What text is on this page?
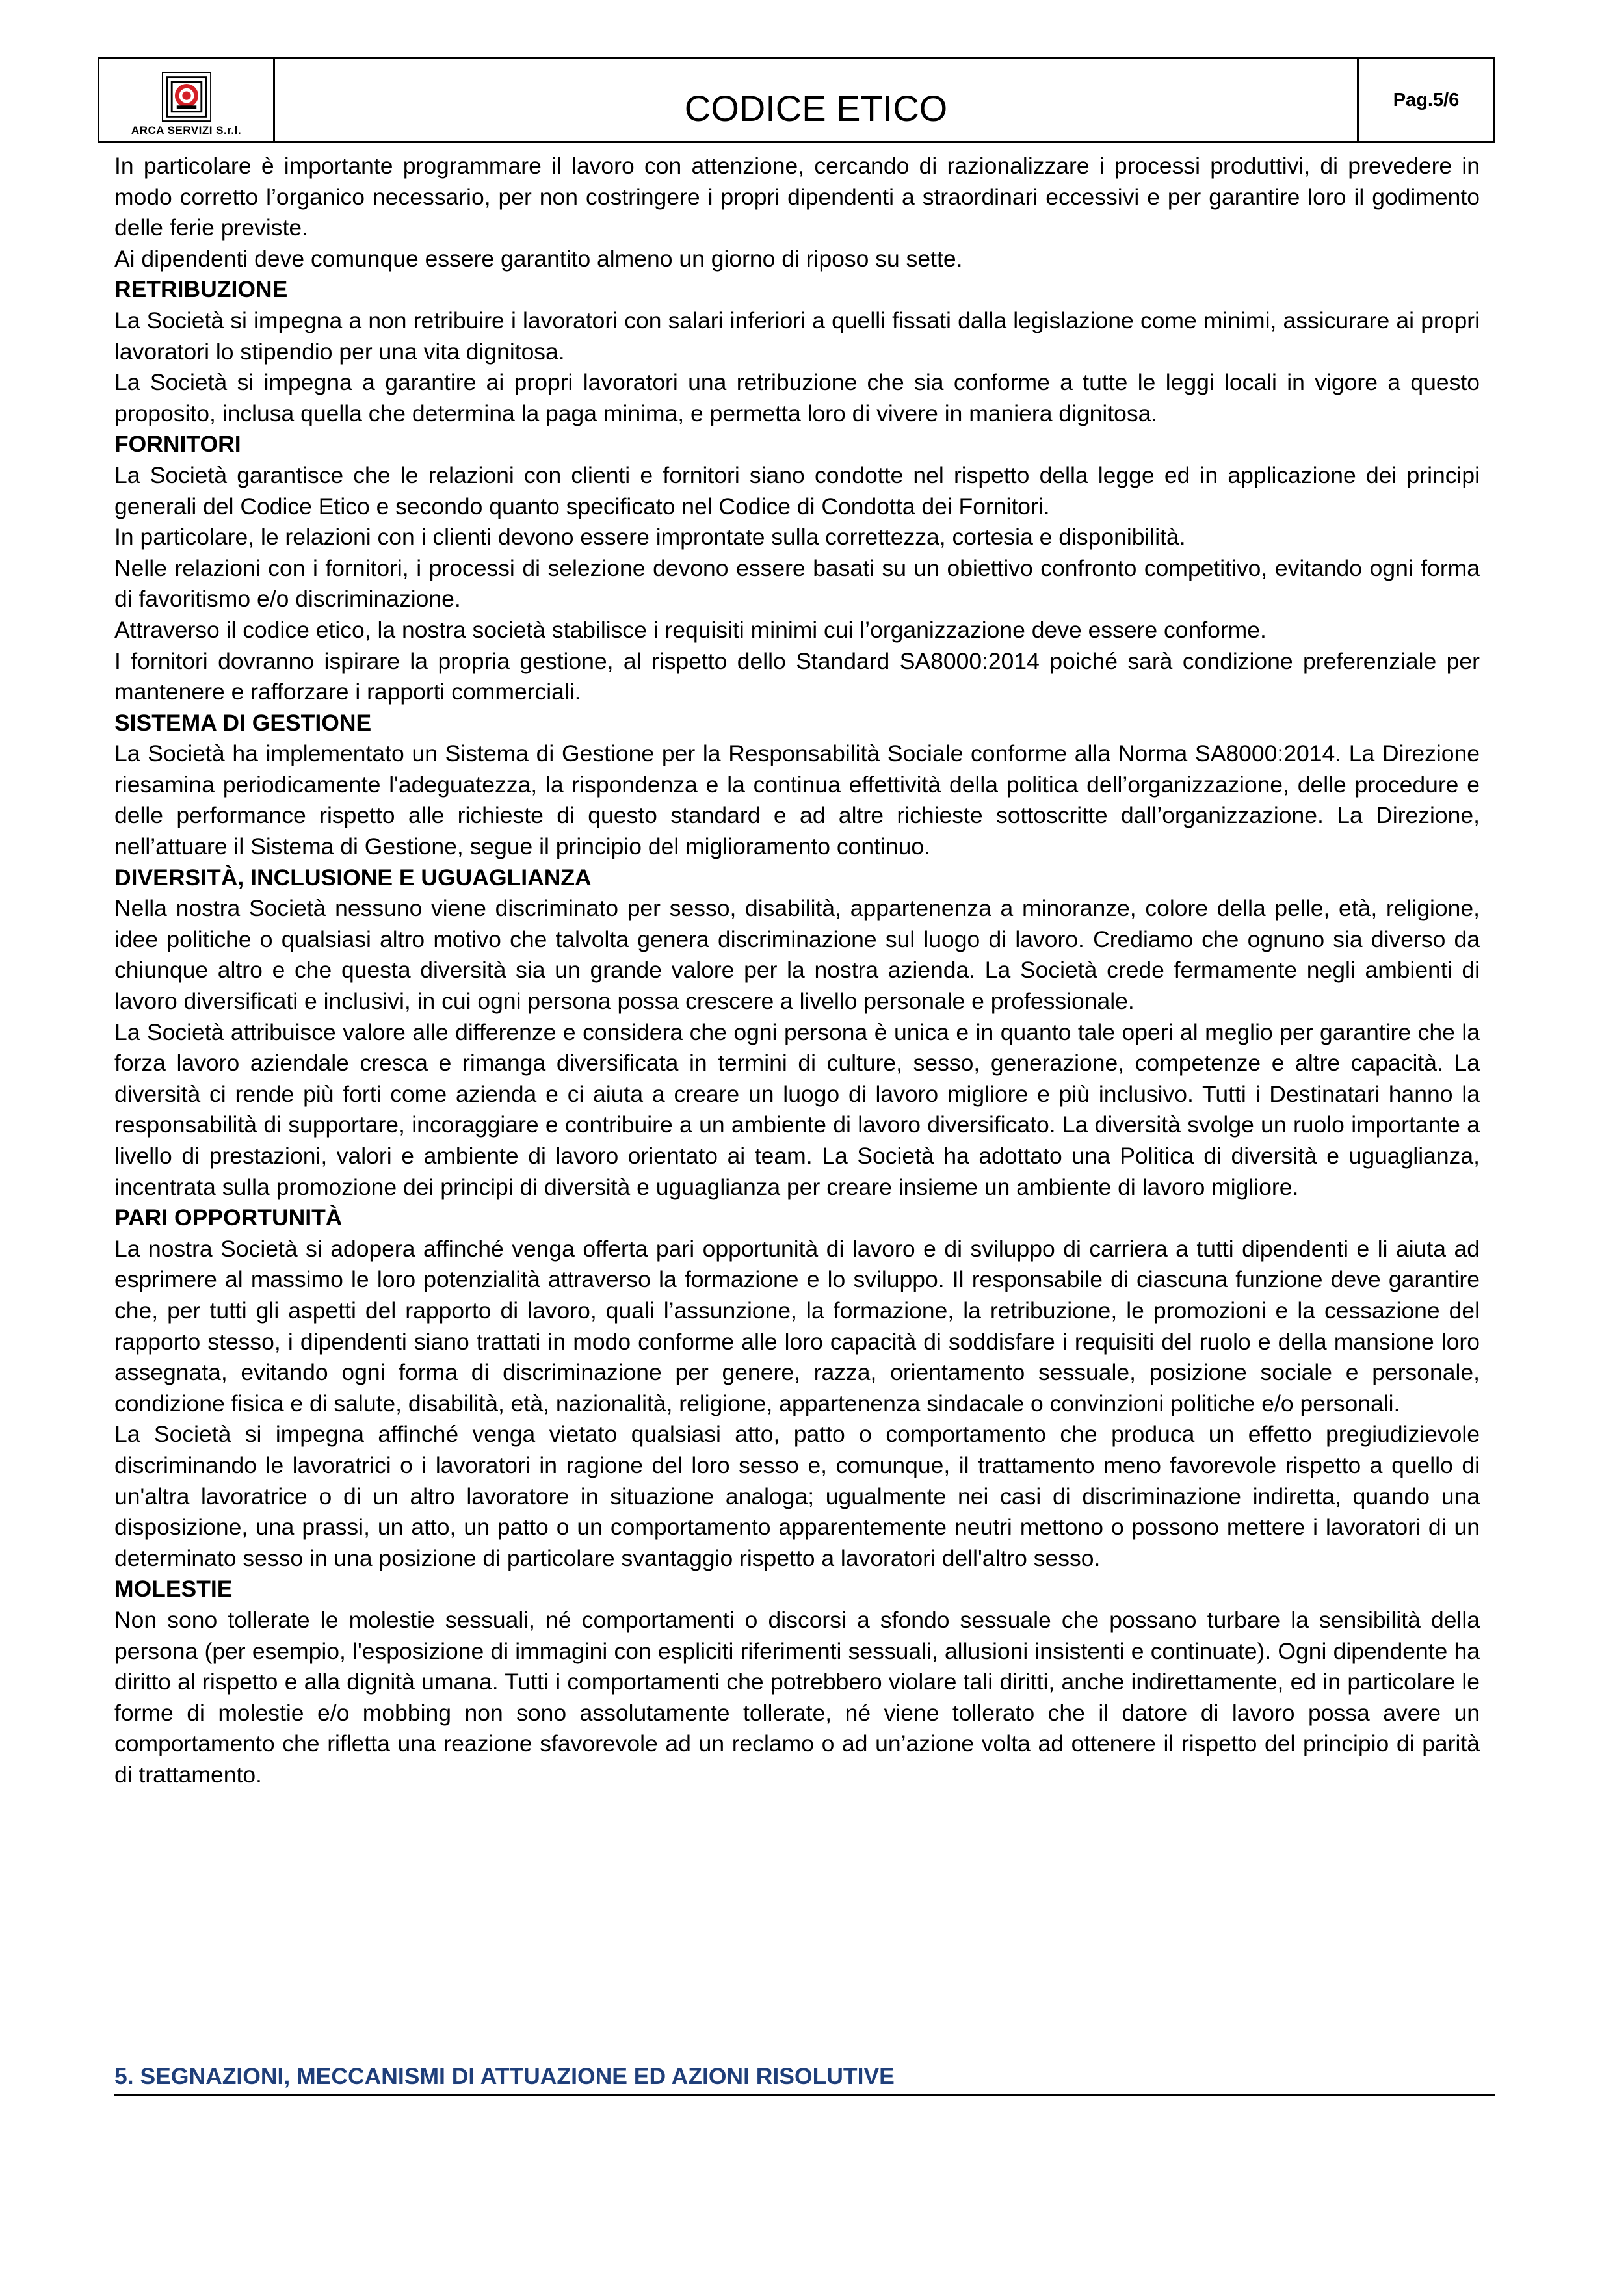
ARCA SERVIZI S.r.l.
CODICE ETICO	Pag.5/6

In particolare è importante programmare il lavoro con attenzione, cercando di razionalizzare i processi produttivi, di prevedere in modo corretto l’organico necessario, per non costringere i propri dipendenti a straordinari eccessivi e per garantire loro il godimento delle ferie previste.

Ai dipendenti deve comunque essere garantito almeno un giorno di riposo su sette.

RETRIBUZIONE

La Società si impegna a non retribuire i lavoratori con salari inferiori a quelli fissati dalla legislazione come minimi, assicurare ai propri lavoratori lo stipendio per una vita dignitosa.

La Società si impegna a garantire ai propri lavoratori una retribuzione che sia conforme a tutte le leggi locali in vigore a questo proposito, inclusa quella che determina la paga minima, e permetta loro di vivere in maniera dignitosa.

FORNITORI

La Società garantisce che le relazioni con clienti e fornitori siano condotte nel rispetto della legge ed in applicazione dei principi generali del Codice Etico e secondo quanto specificato nel Codice di Condotta dei Fornitori.

In particolare, le relazioni con i clienti devono essere improntate sulla correttezza, cortesia e disponibilità.

Nelle relazioni con i fornitori, i processi di selezione devono essere basati su un obiettivo confronto competitivo, evitando ogni forma di favoritismo e/o discriminazione.

Attraverso il codice etico, la nostra società stabilisce i requisiti minimi cui l’organizzazione deve essere conforme.

I fornitori dovranno ispirare la propria gestione, al rispetto dello Standard SA8000:2014 poiché sarà condizione preferenziale per mantenere e rafforzare i rapporti commerciali.

SISTEMA DI GESTIONE

La Società ha implementato un Sistema di Gestione per la Responsabilità Sociale conforme alla Norma SA8000:2014. La Direzione riesamina periodicamente l'adeguatezza, la rispondenza e la continua effettività della politica dell’organizzazione, delle procedure e delle performance rispetto alle richieste di questo standard e ad altre richieste sottoscritte dall’organizzazione. La Direzione, nell’attuare il Sistema di Gestione, segue il principio del miglioramento continuo.

DIVERSITÀ, INCLUSIONE E UGUAGLIANZA

Nella nostra Società nessuno viene discriminato per sesso, disabilità, appartenenza a minoranze, colore della pelle, età, religione, idee politiche o qualsiasi altro motivo che talvolta genera discriminazione sul luogo di lavoro. Crediamo che ognuno sia diverso da chiunque altro e che questa diversità sia un grande valore per la nostra azienda. La Società crede fermamente negli ambienti di lavoro diversificati e inclusivi, in cui ogni persona possa crescere a livello personale e professionale.

La Società attribuisce valore alle differenze e considera che ogni persona è unica e in quanto tale operi al meglio per garantire che la forza lavoro aziendale cresca e rimanga diversificata in termini di culture, sesso, generazione, competenze e altre capacità. La diversità ci rende più forti come azienda e ci aiuta a creare un luogo di lavoro migliore e più inclusivo. Tutti i Destinatari hanno la responsabilità di supportare, incoraggiare e contribuire a un ambiente di lavoro diversificato. La diversità svolge un ruolo importante a livello di prestazioni, valori e ambiente di lavoro orientato ai team. La Società ha adottato una Politica di diversità e uguaglianza, incentrata sulla promozione dei principi di diversità e uguaglianza per creare insieme un ambiente di lavoro migliore.

PARI OPPORTUNITÀ

La nostra Società si adopera affinché venga offerta pari opportunità di lavoro e di sviluppo di carriera a tutti dipendenti e li aiuta ad esprimere al massimo le loro potenzialità attraverso la formazione e lo sviluppo. Il responsabile di ciascuna funzione deve garantire che, per tutti gli aspetti del rapporto di lavoro, quali l’assunzione, la formazione, la retribuzione, le promozioni e la cessazione del rapporto stesso, i dipendenti siano trattati in modo conforme alle loro capacità di soddisfare i requisiti del ruolo e della mansione loro assegnata, evitando ogni forma di discriminazione per genere, razza, orientamento sessuale, posizione sociale e personale, condizione fisica e di salute, disabilità, età, nazionalità, religione, appartenenza sindacale o convinzioni politiche e/o personali.

La Società si impegna affinché venga vietato qualsiasi atto, patto o comportamento che produca un effetto pregiudizievole discriminando le lavoratrici o i lavoratori in ragione del loro sesso e, comunque, il trattamento meno favorevole rispetto a quello di un'altra lavoratrice o di un altro lavoratore in situazione analoga; ugualmente nei casi di discriminazione indiretta, quando una disposizione, una prassi, un atto, un patto o un comportamento apparentemente neutri mettono o possono mettere i lavoratori di un determinato sesso in una posizione di particolare svantaggio rispetto a lavoratori dell'altro sesso.

MOLESTIE

Non sono tollerate le molestie sessuali, né comportamenti o discorsi a sfondo sessuale che possano turbare la sensibilità della persona (per esempio, l'esposizione di immagini con espliciti riferimenti sessuali, allusioni insistenti e continuate). Ogni dipendente ha diritto al rispetto e alla dignità umana. Tutti i comportamenti che potrebbero violare tali diritti, anche indirettamente, ed in particolare le forme di molestie e/o mobbing non sono assolutamente tollerate, né viene tollerato che il datore di lavoro possa avere un comportamento che rifletta una reazione sfavorevole ad un reclamo o ad un’azione volta ad ottenere il rispetto del principio di parità di trattamento.

5. SEGNAZIONI, MECCANISMI DI ATTUAZIONE ED AZIONI RISOLUTIVE
